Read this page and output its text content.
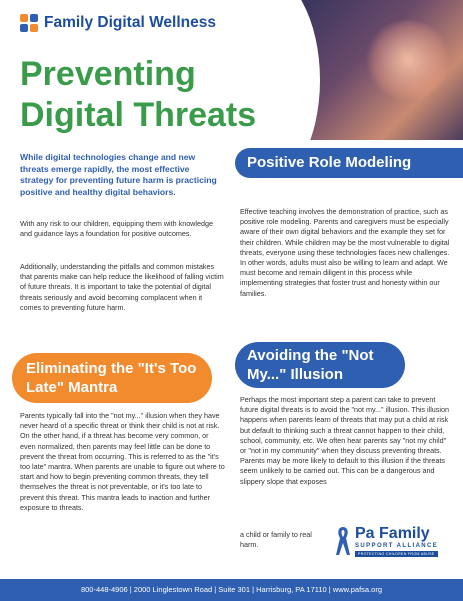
Family Digital Wellness
Preventing Digital Threats

While digital technologies change and new threats emerge rapidly, the most effective strategy for preventing future harm is practicing positive and healthy digital behaviors.

With any risk to our children, equipping them with knowledge and guidance lays a foundation for positive outcomes.

Additionally, understanding the pitfalls and common mistakes that parents make can help reduce the likelihood of falling victim of future threats. It is important to take the potential of digital threats seriously and avoid becoming complacent when it comes to preventing future harm.

Positive Role Modeling

Effective teaching involves the demonstration of practice, such as positive role modeling. Parents and caregivers must be especially aware of their own digital behaviors and the example they set for their children. While children may be the most vulnerable to digital threats, everyone using these technologies faces new challenges. In other words, adults must also be willing to learn and adapt. We must become and remain diligent in this process while implementing strategies that foster trust and honesty within our families.

Eliminating the "It's Too Late" Mantra

Parents typically fall into the "not my..." illusion when they have never heard of a specific threat or think their child is not at risk. On the other hand, if a threat has become very common, or even normalized, then parents may feel little can be done to prevent the threat from occurring. This is referred to as the "it's too late" mantra. When parents are unable to figure out where to start and how to begin preventing common threats, they tell themselves the threat is not preventable, or it's too late to prevent this threat. This mantra leads to inaction and further exposure to threats.

Avoiding the "Not My..." Illusion

Perhaps the most important step a parent can take to prevent future digital threats is to avoid the "not my..." illusion. This illusion happens when parents learn of threats that may put a child at risk but default to thinking such a threat cannot happen to their child, school, community, etc. We often hear parents say "not my child" or "not in my community" when they discuss preventing threats. Parents may be more likely to default to this illusion if the threats seem unlikely to be carried out. This can be a dangerous and slippery slope that exposes

a child or family to real harm.

Pa Family
SUPPORT ALLIANCE
PROTECTING CHILDREN FROM ABUSE
800-448-4906 | 2000 Linglestown Road | Suite 301 | Harrisburg, PA 17110 | www.pafsa.org
